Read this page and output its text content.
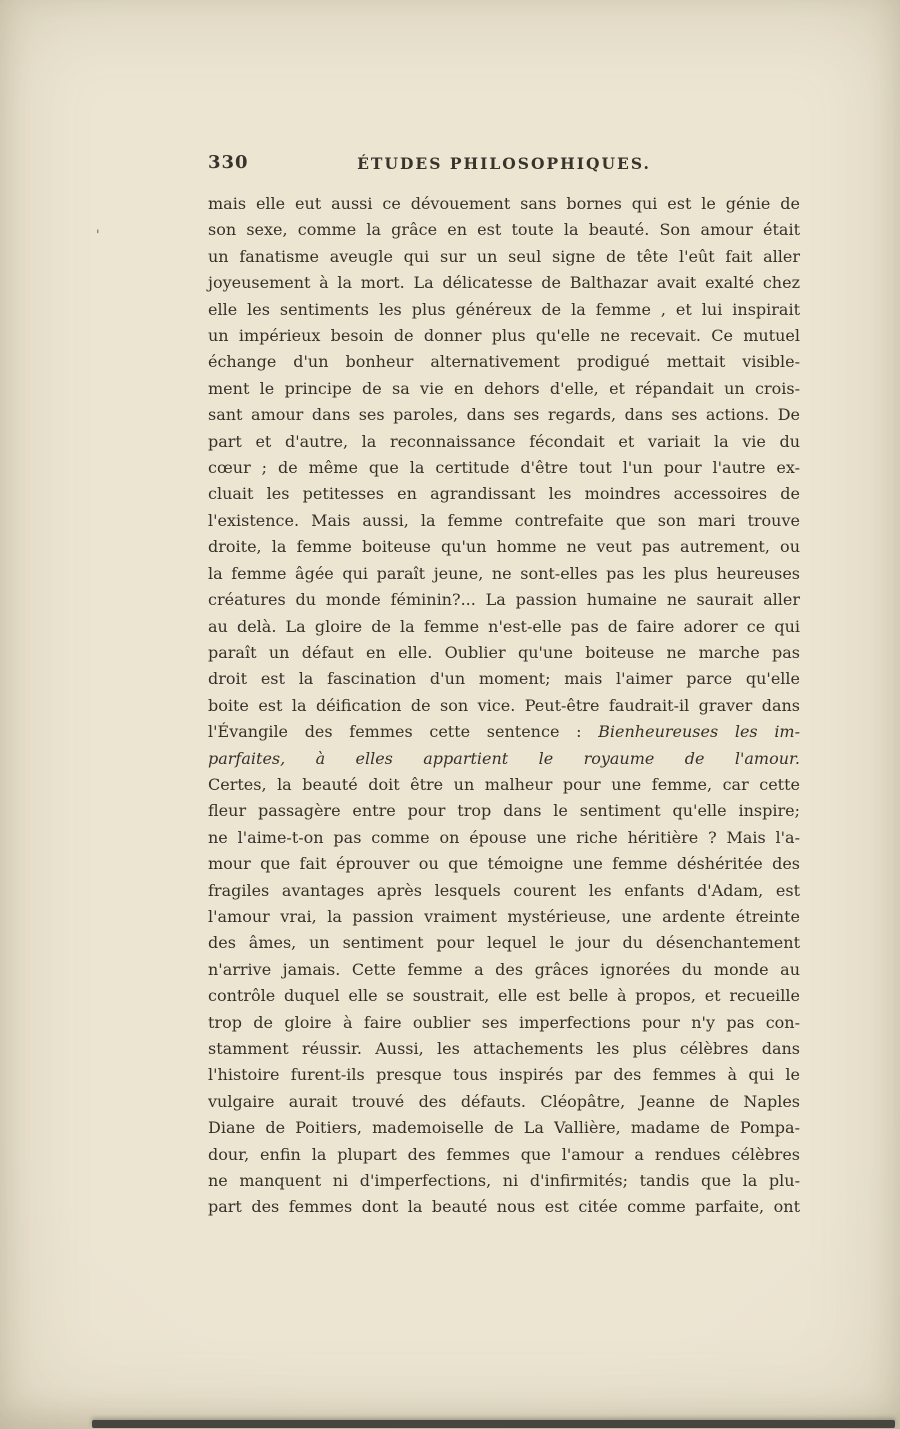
'
330	ÉTUDES PHILOSOPHIQUES.
mais elle eut aussi ce dévouement sans bornes qui est le génie de
son sexe, comme la grâce en est toute la beauté. Son amour était
un fanatisme aveugle qui sur un seul signe de tête l'eût fait aller
joyeusement à la mort. La délicatesse de Balthazar avait exalté chez
elle les sentiments les plus généreux de la femme , et lui inspirait
un impérieux besoin de donner plus qu'elle ne recevait. Ce mutuel
échange d'un bonheur alternativement prodigué mettait visible-
ment le principe de sa vie en dehors d'elle, et répandait un crois-
sant amour dans ses paroles, dans ses regards, dans ses actions. De
part et d'autre, la reconnaissance fécondait et variait la vie du
cœur ; de même que la certitude d'être tout l'un pour l'autre ex-
cluait les petitesses en agrandissant les moindres accessoires de
l'existence. Mais aussi, la femme contrefaite que son mari trouve
droite, la femme boiteuse qu'un homme ne veut pas autrement, ou
la femme âgée qui paraît jeune, ne sont-elles pas les plus heureuses
créatures du monde féminin?... La passion humaine ne saurait aller
au delà. La gloire de la femme n'est-elle pas de faire adorer ce qui
paraît un défaut en elle. Oublier qu'une boiteuse ne marche pas
droit est la fascination d'un moment; mais l'aimer parce qu'elle
boite est la déification de son vice. Peut-être faudrait-il graver dans
l'Évangile des femmes cette sentence : Bienheureuses les im-
parfaites, à elles appartient le royaume de l'amour.
Certes, la beauté doit être un malheur pour une femme, car cette
fleur passagère entre pour trop dans le sentiment qu'elle inspire;
ne l'aime-t-on pas comme on épouse une riche héritière ? Mais l'a-
mour que fait éprouver ou que témoigne une femme déshéritée des
fragiles avantages après lesquels courent les enfants d'Adam, est
l'amour vrai, la passion vraiment mystérieuse, une ardente étreinte
des âmes, un sentiment pour lequel le jour du désenchantement
n'arrive jamais. Cette femme a des grâces ignorées du monde au
contrôle duquel elle se soustrait, elle est belle à propos, et recueille
trop de gloire à faire oublier ses imperfections pour n'y pas con-
stamment réussir. Aussi, les attachements les plus célèbres dans
l'histoire furent-ils presque tous inspirés par des femmes à qui le
vulgaire aurait trouvé des défauts. Cléopâtre, Jeanne de Naples
Diane de Poitiers, mademoiselle de La Vallière, madame de Pompa-
dour, enfin la plupart des femmes que l'amour a rendues célèbres
ne manquent ni d'imperfections, ni d'infirmités; tandis que la plu-
part des femmes dont la beauté nous est citée comme parfaite, ont
